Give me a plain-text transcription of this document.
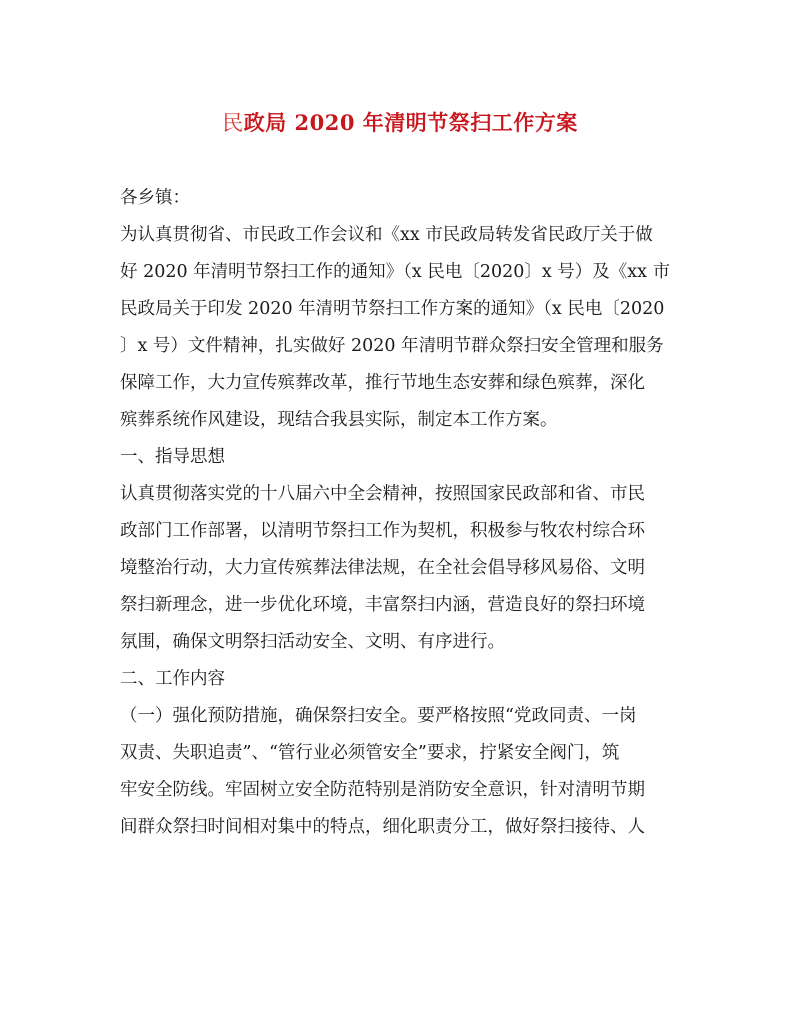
民政局 2020 年清明节祭扫工作方案
各乡镇：
为认真贯彻省、市民政工作会议和《xx 市民政局转发省民政厅关于做
好 2020 年清明节祭扫工作的通知》（x 民电〔2020〕x 号）及《xx 市
民政局关于印发 2020 年清明节祭扫工作方案的通知》（x 民电〔2020
〕x 号）文件精神，扎实做好 2020 年清明节群众祭扫安全管理和服务
保障工作，大力宣传殡葬改革，推行节地生态安葬和绿色殡葬，深化
殡葬系统作风建设，现结合我县实际，制定本工作方案。
一、指导思想
认真贯彻落实党的十八届六中全会精神，按照国家民政部和省、市民
政部门工作部署，以清明节祭扫工作为契机，积极参与牧农村综合环
境整治行动，大力宣传殡葬法律法规，在全社会倡导移风易俗、文明
祭扫新理念，进一步优化环境，丰富祭扫内涵，营造良好的祭扫环境
氛围，确保文明祭扫活动安全、文明、有序进行。
二、工作内容
（一）强化预防措施，确保祭扫安全。要严格按照“党政同责、一岗
双责、失职追责”、“管行业必须管安全”要求，拧紧安全阀门，筑
牢安全防线。牢固树立安全防范特别是消防安全意识，针对清明节期
间群众祭扫时间相对集中的特点，细化职责分工，做好祭扫接待、人
